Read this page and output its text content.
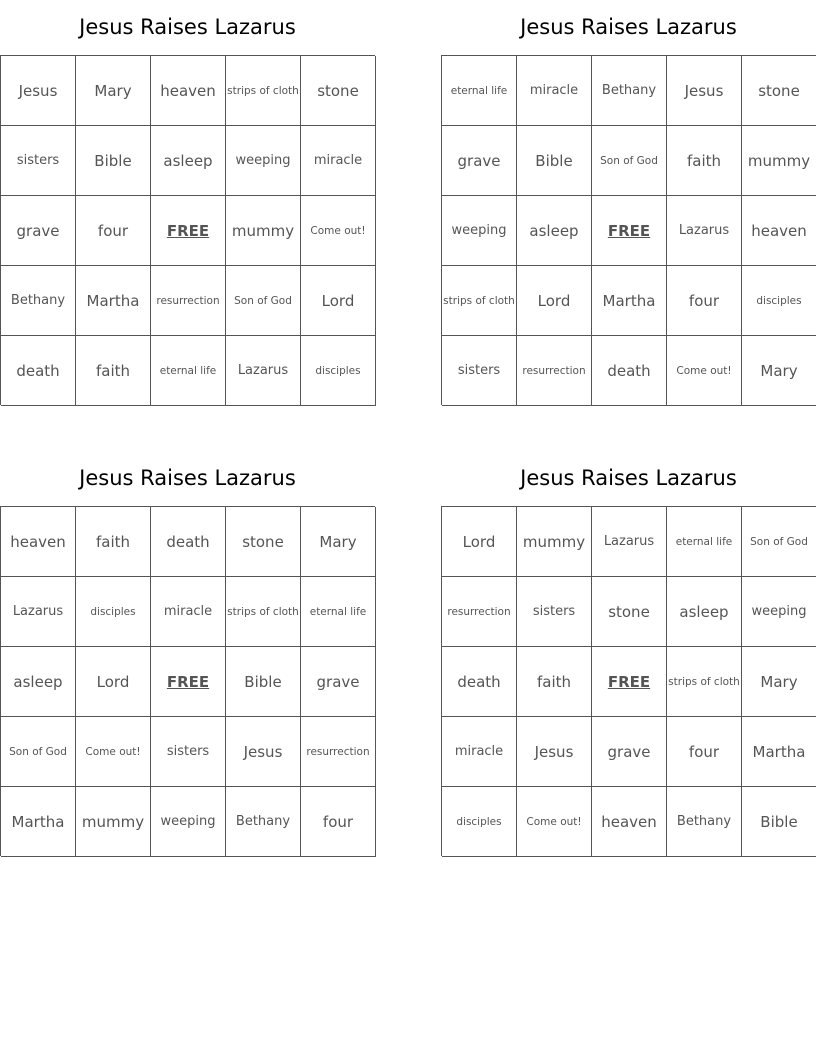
Jesus Raises Lazarus
Jesus	Mary	heaven	strips of cloth	stone
sisters	Bible	asleep	weeping	miracle
grave	four	FREE	mummy	Come out!
Bethany	Martha	resurrection	Son of God	Lord
death	faith	eternal life	Lazarus	disciples
Jesus Raises Lazarus
eternal life	miracle	Bethany	Jesus	stone
grave	Bible	Son of God	faith	mummy
weeping	asleep	FREE	Lazarus	heaven
strips of cloth	Lord	Martha	four	disciples
sisters	resurrection	death	Come out!	Mary
Jesus Raises Lazarus
heaven	faith	death	stone	Mary
Lazarus	disciples	miracle	strips of cloth	eternal life
asleep	Lord	FREE	Bible	grave
Son of God	Come out!	sisters	Jesus	resurrection
Martha	mummy	weeping	Bethany	four
Jesus Raises Lazarus
Lord	mummy	Lazarus	eternal life	Son of God
resurrection	sisters	stone	asleep	weeping
death	faith	FREE	strips of cloth	Mary
miracle	Jesus	grave	four	Martha
disciples	Come out!	heaven	Bethany	Bible
